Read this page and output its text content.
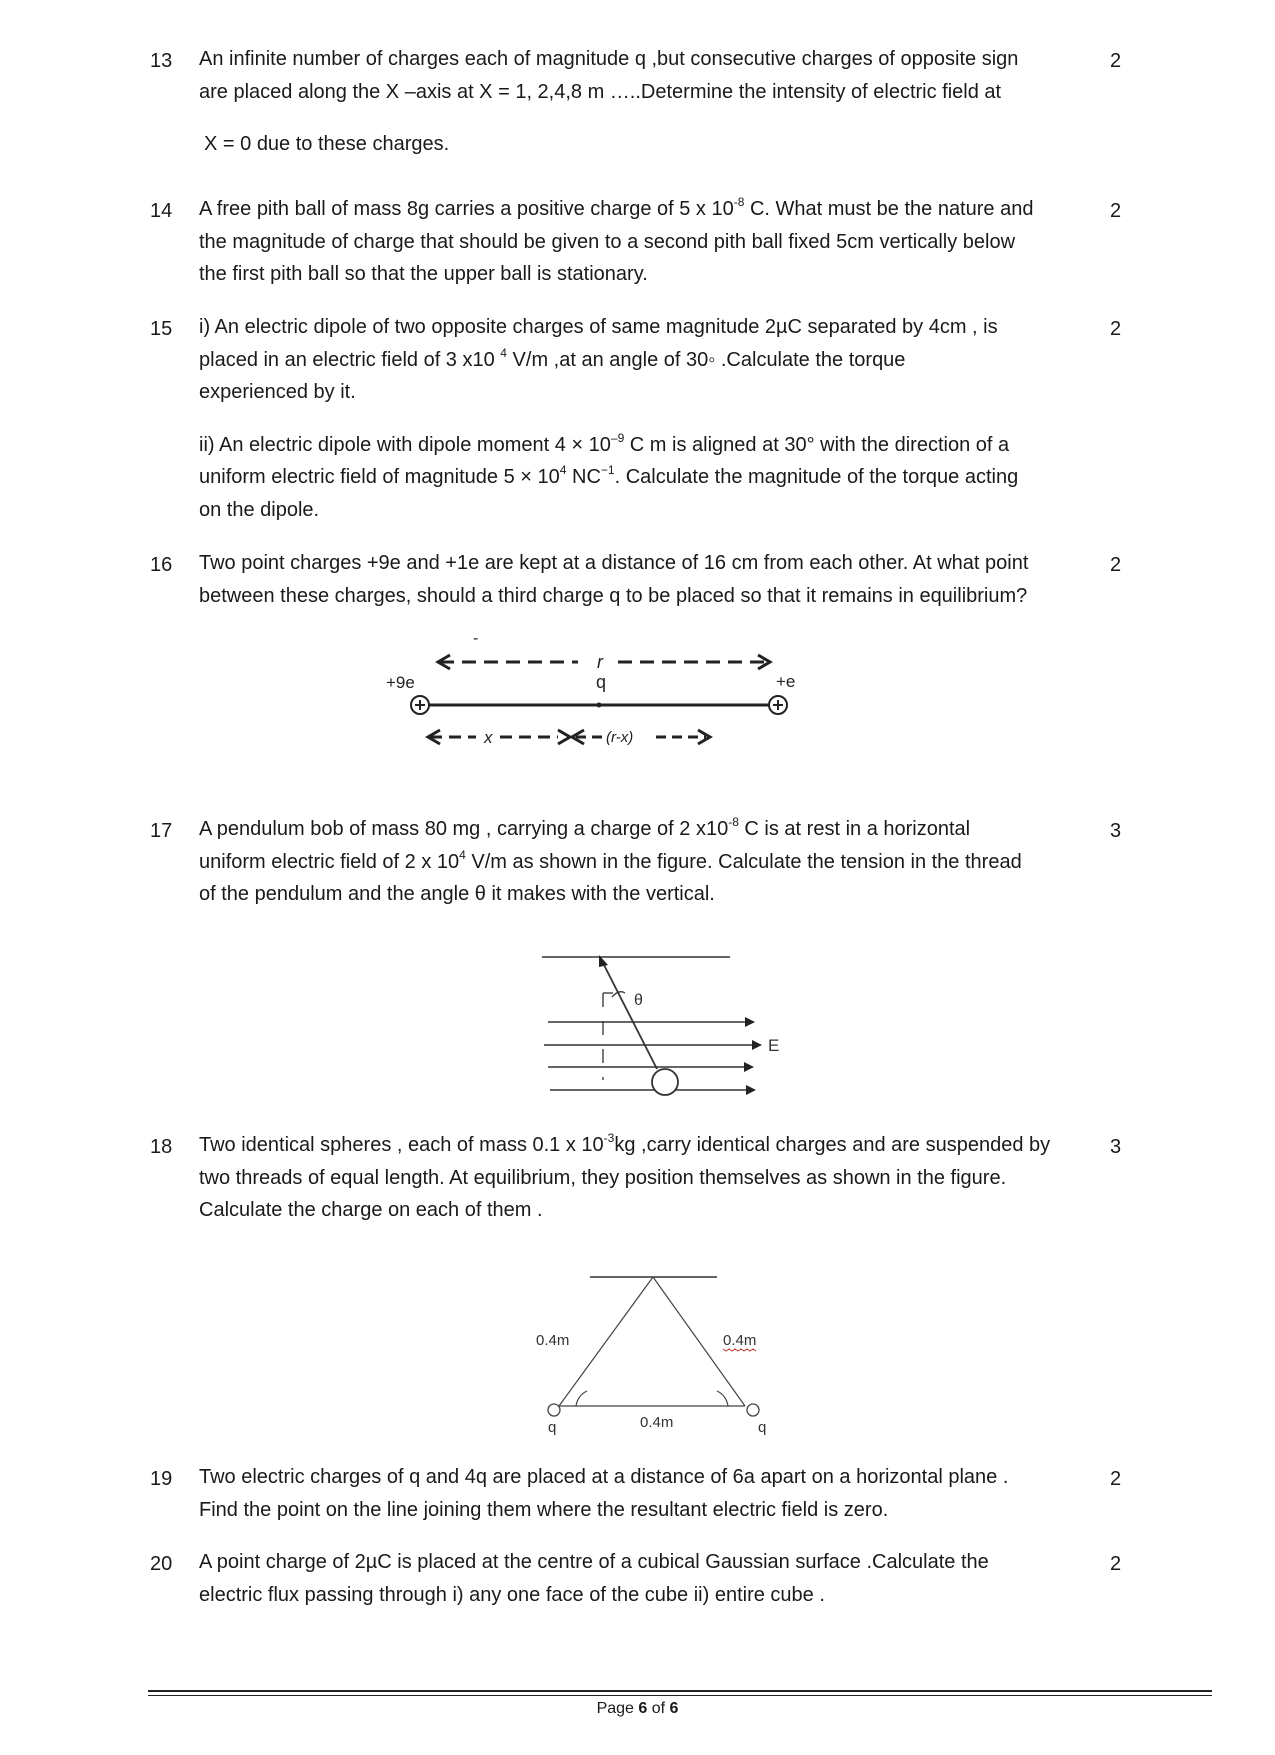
13	An infinite number of charges each of magnitude q ,but consecutive charges of opposite sign

are placed along the X –axis at X = 1, 2,4,8 m …..Determine the intensity of electric field at

X = 0 due to these charges.

2
14	A free pith ball of mass 8g carries a positive charge of 5 x $10^{-8}$ C. What must be the nature and

the magnitude of charge that should be given to a second pith ball fixed 5cm vertically below

the first pith ball so that the upper ball is stationary.

2
15	i) An electric dipole of two opposite charges of same magnitude 2µC separated by 4cm , is

placed in an electric field of 3 x10 $^4$ V/m ,at an angle of 30◦ .Calculate the torque

experienced by it.

ii) An electric dipole with dipole moment $4 \times 10^{-9}$ C m is aligned at 30° with the direction of a

uniform electric field of magnitude $5 \times 10^4$ $NC^{-1}$. Calculate the magnitude of the torque acting

on the dipole.

2
16	Two point charges +9e and +1e are kept at a distance of 16 cm from each other. At what point

between these charges, should a third charge q to be placed so that it remains in equilibrium?

2
-
r
+9e	q	+e
x	(r-x)
17	A pendulum bob of mass 80 mg , carrying a charge of 2 $x10^{-8}$ C is at rest in a horizontal

uniform electric field of 2 x $10^4$ V/m as shown in the figure. Calculate the tension in the thread

of the pendulum and the angle θ it makes with the vertical.

3
E
θ
18	Two identical spheres , each of mass 0.1 x $10^{-3}kg$ ,carry identical charges and are suspended by

two threads of equal length. At equilibrium, they position themselves as shown in the figure.

Calculate the charge on each of them .

3
0.4m	0.4m
0.4m
q	q
19	Two electric charges of q and 4q are placed at a distance of 6a apart on a horizontal plane .

Find the point on the line joining them where the resultant electric field is zero.

2
20	A point charge of 2µC is placed at the centre of a cubical Gaussian surface .Calculate the

electric flux passing through i) any one face of the cube ii) entire cube .

2
Page 6 of 6
